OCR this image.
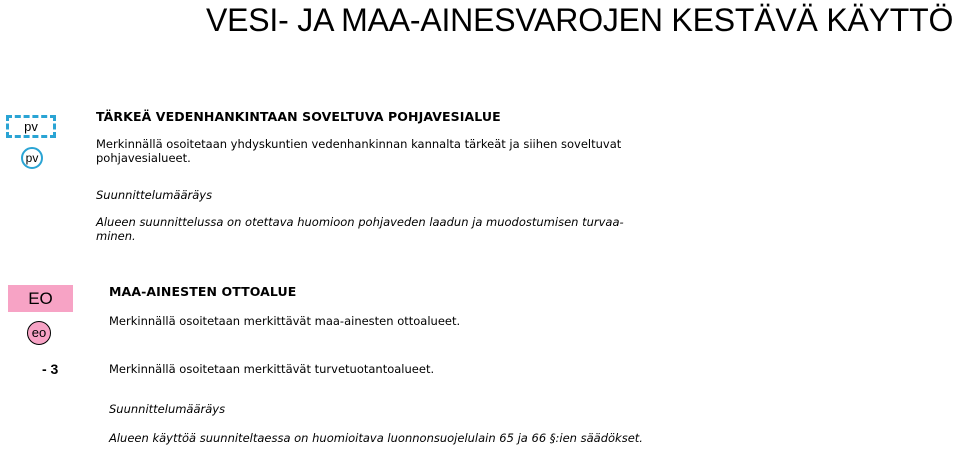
VESI- JA MAA-AINESVAROJEN KESTÄVÄ KÄYTTÖ
pv
pv
TÄRKEÄ VEDENHANKINTAAN SOVELTUVA POHJAVESIALUE
Merkinnällä osoitetaan yhdyskuntien vedenhankinnan kannalta tärkeät ja siihen soveltuvat
pohjavesialueet.
Suunnittelumääräys
Alueen suunnittelussa on otettava huomioon pohjaveden laadun ja muodostumisen turvaa-
minen.
EO
eo
MAA-AINESTEN OTTOALUE
Merkinnällä osoitetaan merkittävät maa-ainesten ottoalueet.
- 3	Merkinnällä osoitetaan merkittävät turvetuotantoalueet.
Suunnittelumääräys
Alueen käyttöä suunniteltaessa on huomioitava luonnonsuojelulain 65 ja 66 §:ien säädökset.
